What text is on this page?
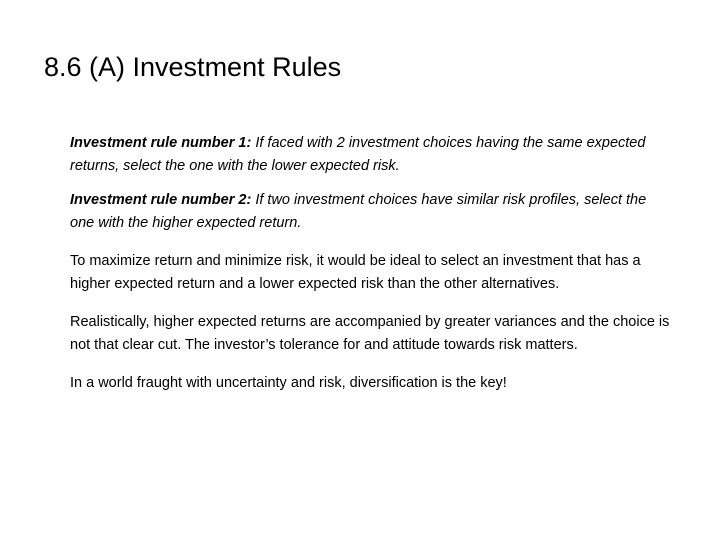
8.6 (A) Investment Rules

Investment rule number 1: If faced with 2 investment choices having the same expected returns, select the one with the lower expected risk.

Investment rule number 2: If two investment choices have similar risk profiles, select the one with the higher expected return.

To maximize return and minimize risk, it would be ideal to select an investment that has a higher expected return and a lower expected risk than the other alternatives.

Realistically, higher expected returns are accompanied by greater variances and the choice is not that clear cut. The investor’s tolerance for and attitude towards risk matters.

In a world fraught with uncertainty and risk, diversification is the key!
